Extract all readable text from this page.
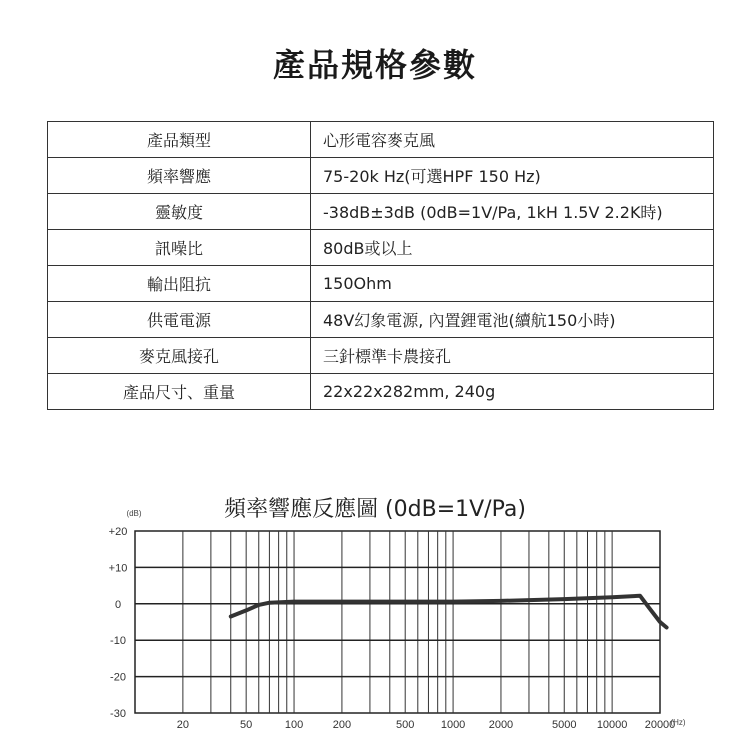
產品規格參數
產品類型	心形電容麥克風
頻率響應	75-20k Hz(可選HPF 150 Hz)
靈敏度	-38dB±3dB (0dB=1V/Pa, 1kH 1.5V 2.2K時)
訊噪比	80dB或以上
輸出阻抗	150Ohm
供電電源	48V幻象電源, 內置鋰電池(續航150小時)
麥克風接孔	三針標準卡農接孔
產品尺寸、重量	22x22x282mm, 240g
頻率響應反應圖 (0dB=1V/Pa)
(dB)
(Hz)
+20
+10
0
-10
-20
-30
20	50	100	200	500 1000 2000	5000 10000 20000
